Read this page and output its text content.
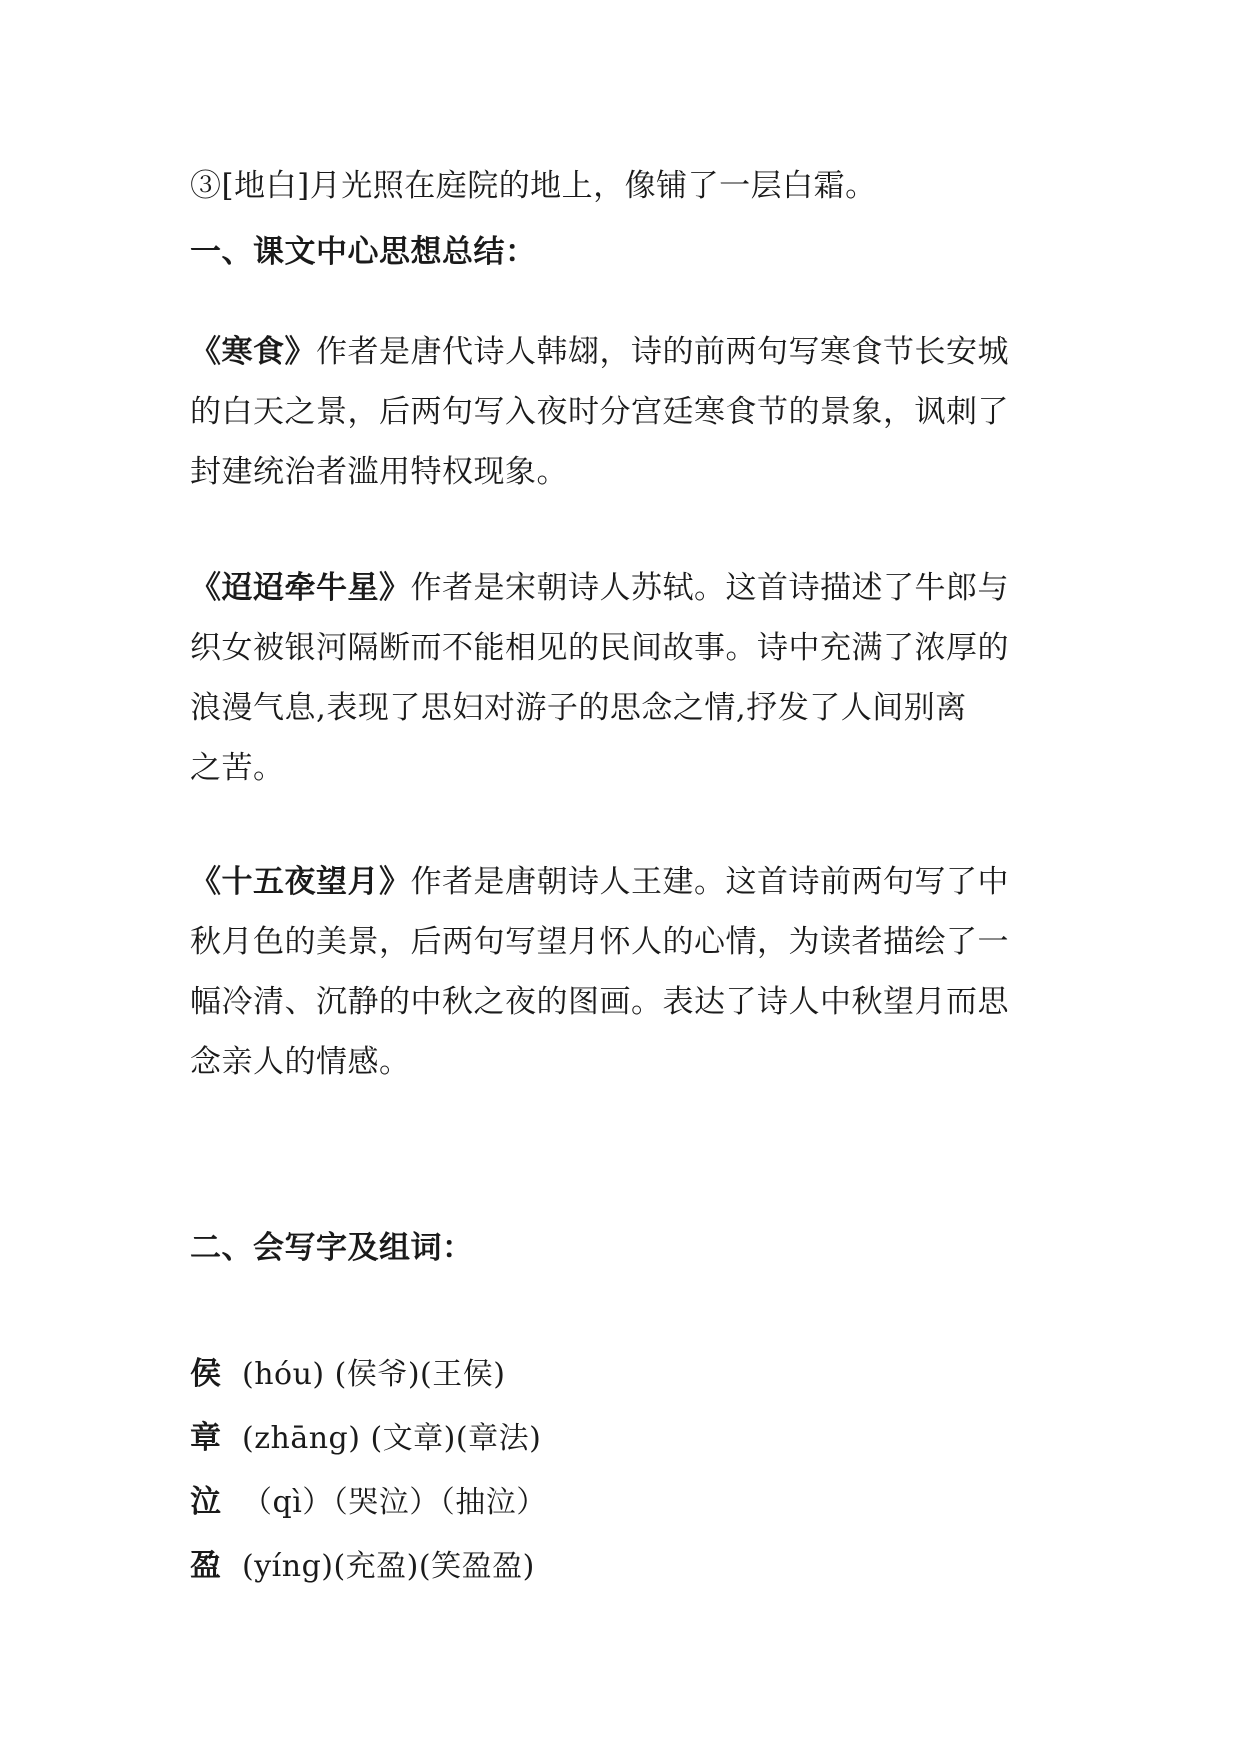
③[地白]月光照在庭院的地上，像铺了一层白霜。
一、课文中心思想总结：
《寒食》作者是唐代诗人韩翃，诗的前两句写寒食节长安城
的白天之景，后两句写入夜时分宫廷寒食节的景象，讽刺了
封建统治者滥用特权现象。
《迢迢牵牛星》作者是宋朝诗人苏轼。这首诗描述了牛郎与
织女被银河隔断而不能相见的民间故事。诗中充满了浓厚的
浪漫气息,表现了思妇对游子的思念之情,抒发了人间别离
之苦。
《十五夜望月》作者是唐朝诗人王建。这首诗前两句写了中
秋月色的美景，后两句写望月怀人的心情，为读者描绘了一
幅冷清、沉静的中秋之夜的图画。表达了诗人中秋望月而思
念亲人的情感。
二、会写字及组词：
侯 (hóu) (侯爷)(王侯)
章 (zhāng) (文章)(章法)
泣 （qì）（哭泣）（抽泣）
盈 (yíng)(充盈)(笑盈盈)
